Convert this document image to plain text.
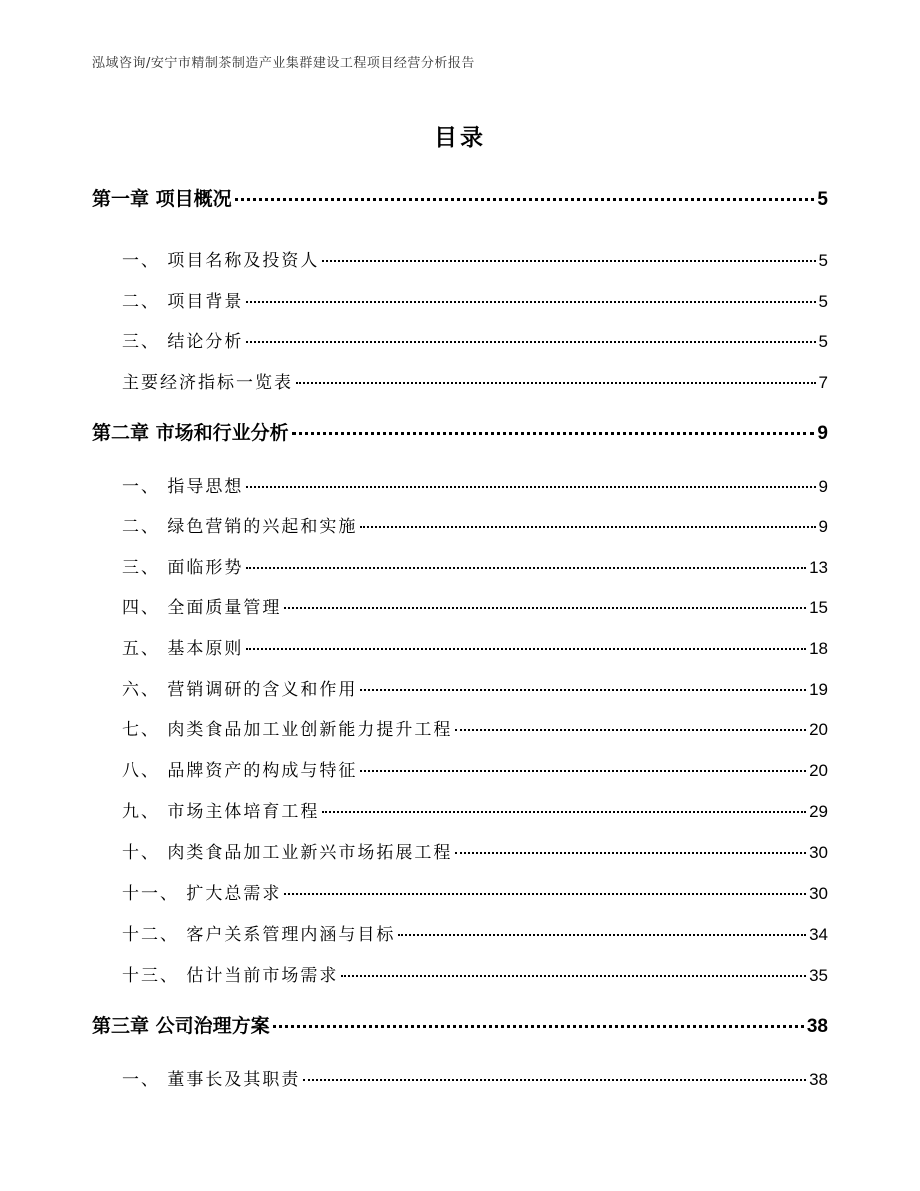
泓域咨询/安宁市精制茶制造产业集群建设工程项目经营分析报告
目录
第一章 项目概况	5
一、 项目名称及投资人	5
二、 项目背景	5
三、 结论分析	5
主要经济指标一览表	7
第二章 市场和行业分析	9
一、 指导思想	9
二、 绿色营销的兴起和实施	9
三、 面临形势	13
四、 全面质量管理	15
五、 基本原则	18
六、 营销调研的含义和作用	19
七、 肉类食品加工业创新能力提升工程	20
八、 品牌资产的构成与特征	20
九、 市场主体培育工程	29
十、 肉类食品加工业新兴市场拓展工程	30
十一、 扩大总需求	30
十二、 客户关系管理内涵与目标	34
十三、 估计当前市场需求	35
第三章 公司治理方案	38
一、 董事长及其职责	38
